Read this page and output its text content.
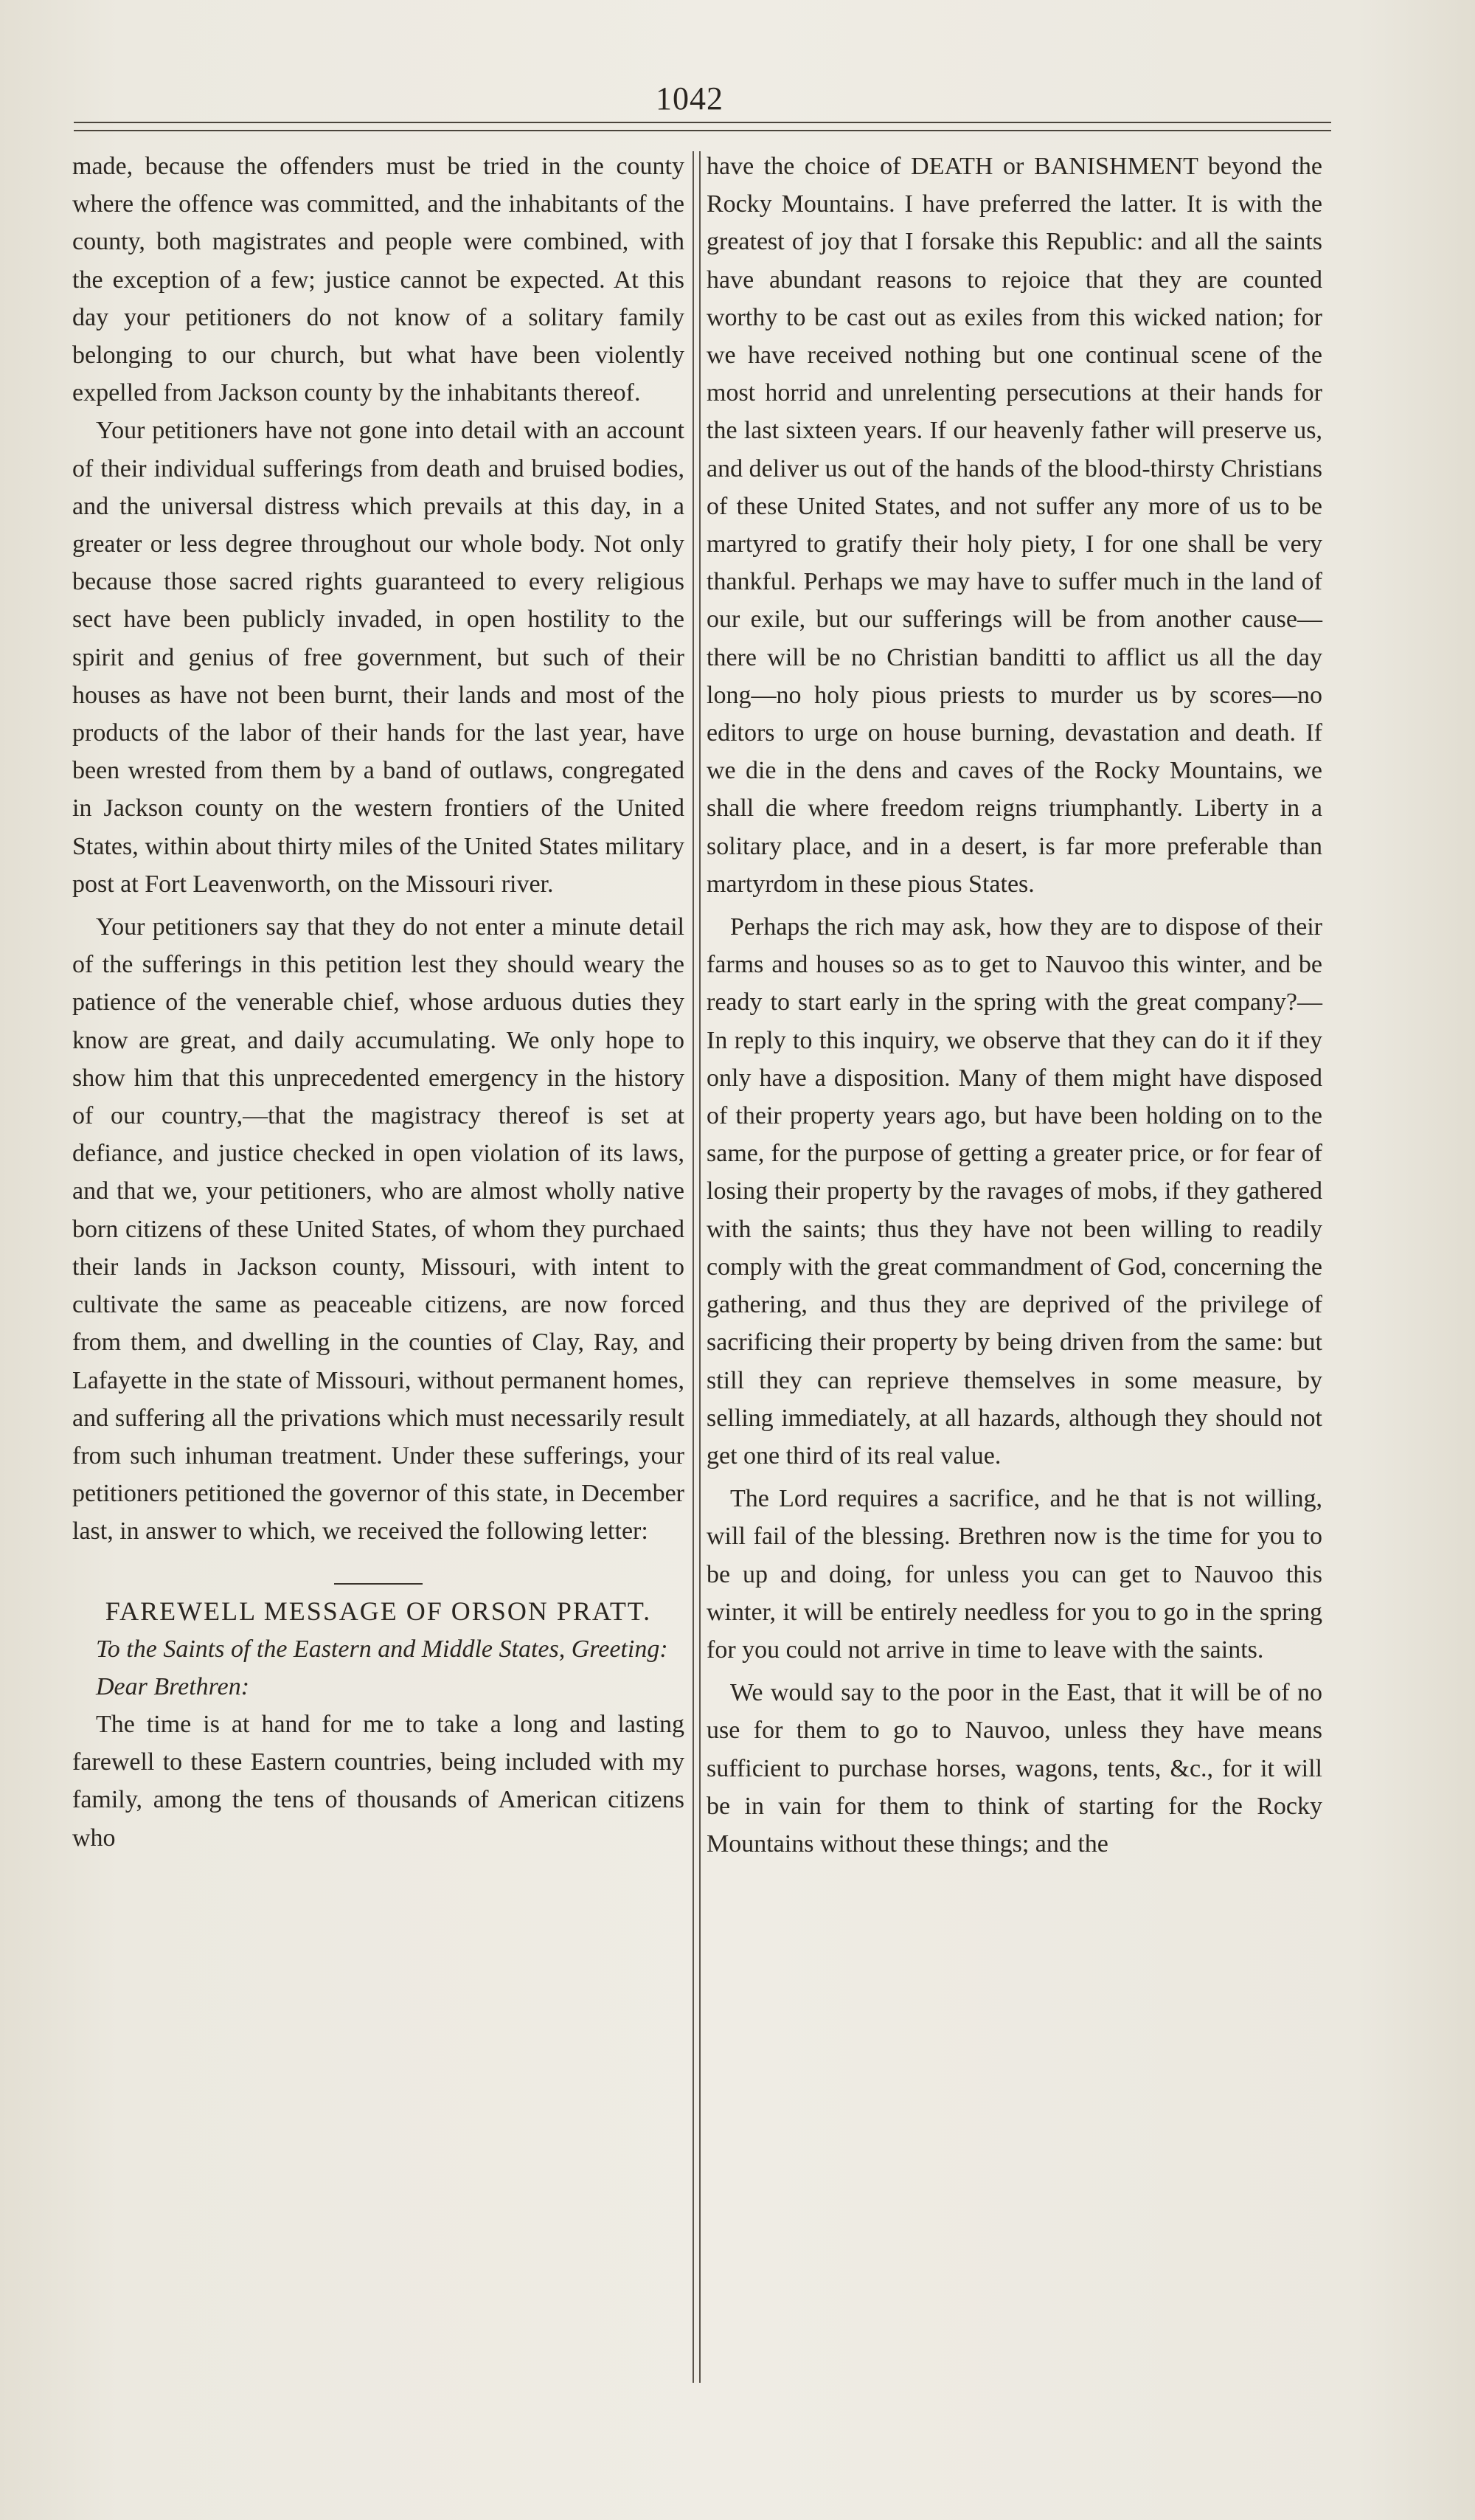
1042

made, because the offenders must be tried in the county where the offence was committed, and the inhabitants of the county, both magistrates and people were combined, with the exception of a few; justice cannot be expected. At this day your petitioners do not know of a solitary family belonging to our church, but what have been violently expelled from Jackson county by the inhabitants thereof.

Your petitioners have not gone into detail with an account of their individual sufferings from death and bruised bodies, and the universal distress which prevails at this day, in a greater or less degree throughout our whole body. Not only because those sacred rights guaranteed to every religious sect have been publicly invaded, in open hostility to the spirit and genius of free government, but such of their houses as have not been burnt, their lands and most of the products of the labor of their hands for the last year, have been wrested from them by a band of outlaws, congregated in Jackson county on the western frontiers of the United States, within about thirty miles of the United States military post at Fort Leavenworth, on the Missouri river.

Your petitioners say that they do not enter a minute detail of the sufferings in this petition lest they should weary the patience of the venerable chief, whose arduous duties they know are great, and daily accumulating. We only hope to show him that this unprecedented emergency in the history of our country,—that the magistracy thereof is set at defiance, and justice checked in open violation of its laws, and that we, your petitioners, who are almost wholly native born citizens of these United States, of whom they purchaed their lands in Jackson county, Missouri, with intent to cultivate the same as peaceable citizens, are now forced from them, and dwelling in the counties of Clay, Ray, and Lafayette in the state of Missouri, without permanent homes, and suffering all the privations which must necessarily result from such inhuman treatment. Under these sufferings, your petitioners petitioned the governor of this state, in December last, in answer to which, we received the following letter:

FAREWELL MESSAGE OF ORSON PRATT.

To the Saints of the Eastern and Middle States, Greeting:

Dear Brethren:

The time is at hand for me to take a long and lasting farewell to these Eastern countries, being included with my family, among the tens of thousands of American citizens who

have the choice of DEATH or BANISHMENT beyond the Rocky Mountains. I have preferred the latter. It is with the greatest of joy that I forsake this Republic: and all the saints have abundant reasons to rejoice that they are counted worthy to be cast out as exiles from this wicked nation; for we have received nothing but one continual scene of the most horrid and unrelenting persecutions at their hands for the last sixteen years. If our heavenly father will preserve us, and deliver us out of the hands of the blood-thirsty Christians of these United States, and not suffer any more of us to be martyred to gratify their holy piety, I for one shall be very thankful. Perhaps we may have to suffer much in the land of our exile, but our sufferings will be from another cause—there will be no Christian banditti to afflict us all the day long—no holy pious priests to murder us by scores—no editors to urge on house burning, devastation and death. If we die in the dens and caves of the Rocky Mountains, we shall die where freedom reigns triumphantly. Liberty in a solitary place, and in a desert, is far more preferable than martyrdom in these pious States.

Perhaps the rich may ask, how they are to dispose of their farms and houses so as to get to Nauvoo this winter, and be ready to start early in the spring with the great company?—In reply to this inquiry, we observe that they can do it if they only have a disposition. Many of them might have disposed of their property years ago, but have been holding on to the same, for the purpose of getting a greater price, or for fear of losing their property by the ravages of mobs, if they gathered with the saints; thus they have not been willing to readily comply with the great commandment of God, concerning the gathering, and thus they are deprived of the privilege of sacrificing their property by being driven from the same: but still they can reprieve themselves in some measure, by selling immediately, at all hazards, although they should not get one third of its real value.

The Lord requires a sacrifice, and he that is not willing, will fail of the blessing. Brethren now is the time for you to be up and doing, for unless you can get to Nauvoo this winter, it will be entirely needless for you to go in the spring for you could not arrive in time to leave with the saints.

We would say to the poor in the East, that it will be of no use for them to go to Nauvoo, unless they have means sufficient to purchase horses, wagons, tents, &c., for it will be in vain for them to think of starting for the Rocky Mountains without these things; and the
